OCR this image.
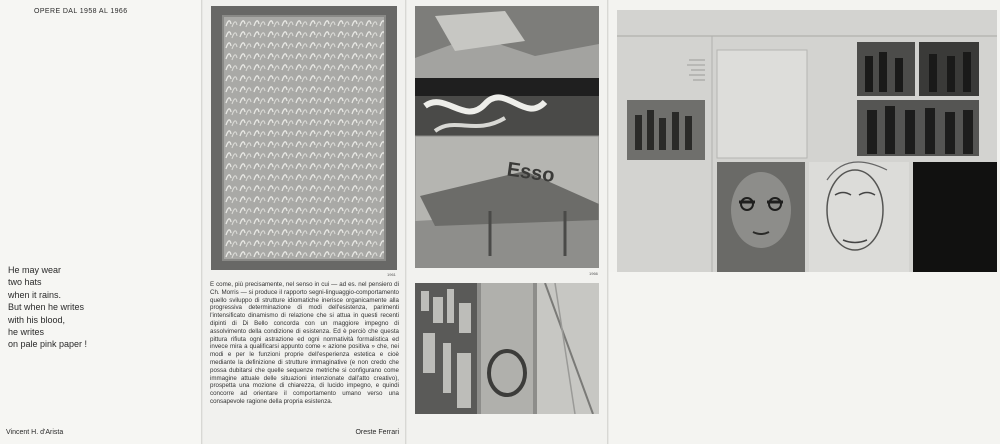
OPERE DAL 1958 AL 1966
He may wear
two hats
when it rains.
But when he writes
with his blood,
he writes
on pale pink paper !
Vincent H. d'Arista
1961
E come, più precisamente, nel senso in cui — ad es. nel pensiero di Ch. Morris — si produce il rapporto segni-linguaggio-comportamento quello sviluppo di strutture idiomatiche inerisce organicamente alla progressiva determinazione di modi dell'esistenza, parimenti l'intensificato dinamismo di relazione che si attua in questi recenti dipinti di Di Bello concorda con un maggiore impegno di assolvimento della condizione di esistenza. Ed è perciò che questa pittura rifiuta ogni astrazione ed ogni normatività formalistica ed invece mira a qualificarsi appunto come « azione positiva » che, nei modi e per le funzioni proprie dell'esperienza estetica e cioè mediante la definizione di strutture immaginative (e non credo che possa dubitarsi che quelle sequenze metriche si configurano come immagine attuale delle situazioni intenzionate dall'atto creativo), prospetta una mozione di chiarezza, di lucido impegno, e quindi concorre ad orientare il comportamento umano verso una consapevole ragione della propria esistenza.
Oreste Ferrari
Esso
1966
